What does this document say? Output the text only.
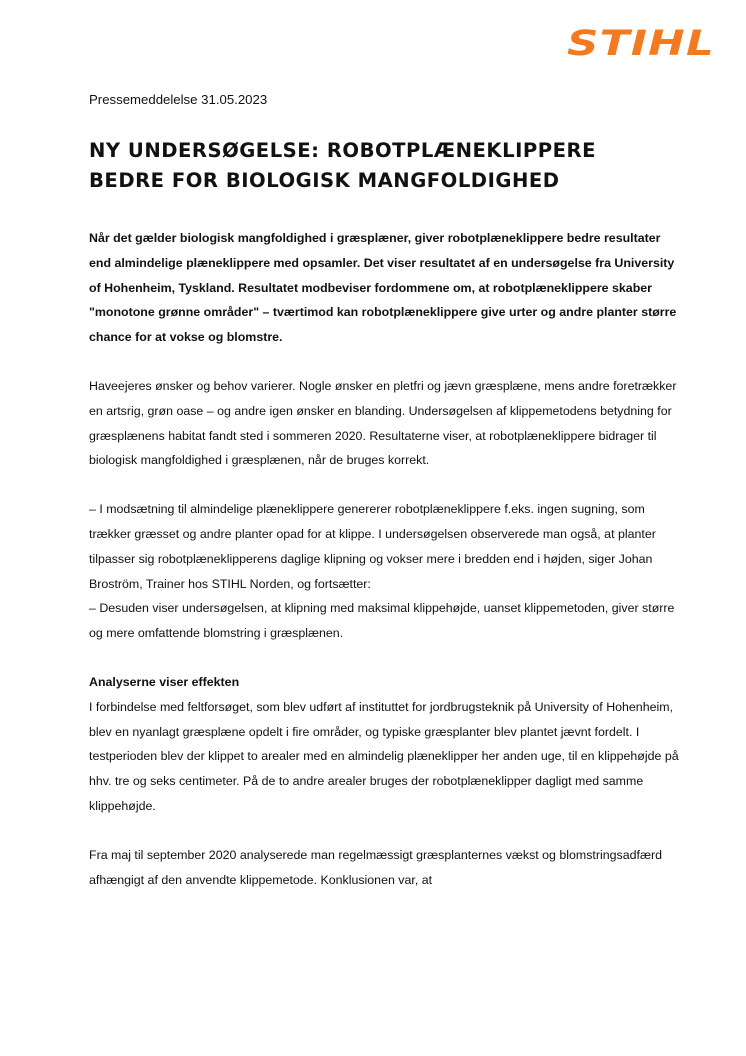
STIHL

Pressemeddelelse 31.05.2023

NY UNDERSØGELSE: ROBOTPLÆNEKLIPPERE
BEDRE FOR BIOLOGISK MANGFOLDIGHED

Når det gælder biologisk mangfoldighed i græsplæner, giver robotplæneklippere bedre resultater end almindelige plæneklippere med opsamler. Det viser resultatet af en undersøgelse fra University of Hohenheim, Tyskland. Resultatet modbeviser fordommene om, at robotplæneklippere skaber "monotone grønne områder" – tværtimod kan robotplæneklippere give urter og andre planter større chance for at vokse og blomstre.

Haveejeres ønsker og behov varierer. Nogle ønsker en pletfri og jævn græsplæne, mens andre foretrækker en artsrig, grøn oase – og andre igen ønsker en blanding. Undersøgelsen af klippemetodens betydning for græsplænens habitat fandt sted i sommeren 2020. Resultaterne viser, at robotplæneklippere bidrager til biologisk mangfoldighed i græsplænen, når de bruges korrekt.

– I modsætning til almindelige plæneklippere genererer robotplæneklippere f.eks. ingen sugning, som trækker græsset og andre planter opad for at klippe. I undersøgelsen observerede man også, at planter tilpasser sig robotplæneklipperens daglige klipning og vokser mere i bredden end i højden, siger Johan Broström, Trainer hos STIHL Norden, og fortsætter:

– Desuden viser undersøgelsen, at klipning med maksimal klippehøjde, uanset klippemetoden, giver større og mere omfattende blomstring i græsplænen.

Analyserne viser effekten

I forbindelse med feltforsøget, som blev udført af instituttet for jordbrugsteknik på University of Hohenheim, blev en nyanlagt græsplæne opdelt i fire områder, og typiske græsplanter blev plantet jævnt fordelt. I testperioden blev der klippet to arealer med en almindelig plæneklipper her anden uge, til en klippehøjde på hhv. tre og seks centimeter. På de to andre arealer bruges der robotplæneklipper dagligt med samme klippehøjde.

Fra maj til september 2020 analyserede man regelmæssigt græsplanternes vækst og blomstringsadfærd afhængigt af den anvendte klippemetode. Konklusionen var, at
